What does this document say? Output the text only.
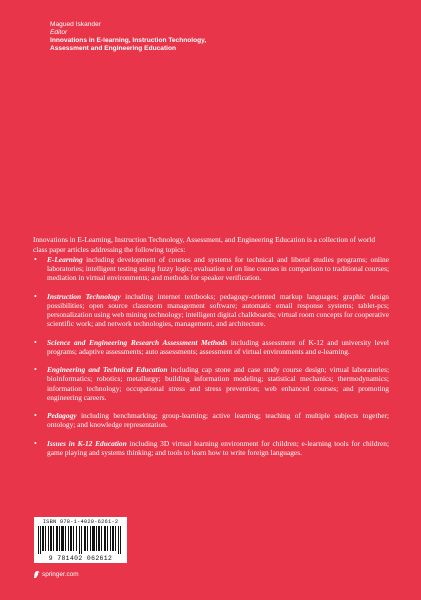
Magued Iskander
Editor
Innovations in E-learning, Instruction Technology,
Assessment and Engineering Education

Innovations in E-Learning, Instruction Technology, Assessment, and Engineering Education is a collection of world class paper articles addressing the following topics:

• E-Learning including development of courses and systems for technical and liberal studies programs; online laboratories; intelligent testing using fuzzy logic; evaluation of on line courses in comparison to traditional courses; mediation in virtual environments; and methods for speaker verification.
• Instruction Technology including internet textbooks; pedagogy-oriented markup languages; graphic design possibilities; open source classroom management software; automatic email response systems; tablet-pcs; personalization using web mining technology; intelligent digital chalkboards; virtual room concepts for cooperative scientific work; and network technologies, management, and architecture.
• Science and Engineering Research Assessment Methods including assessment of K-12 and university level programs; adaptive assessments; auto assessments; assessment of virtual environments and e-learning.
• Engineering and Technical Education including cap stone and case study course design; virtual laboratories; bioinformatics; robotics; metallurgy; building information modeling; statistical mechanics; thermodynamics; information technology; occupational stress and stress prevention; web enhanced courses; and promoting engineering careers.
• Pedagogy including benchmarking; group-learning; active learning; teaching of multiple subjects together; ontology; and knowledge representation.
• Issues in K-12 Education including 3D virtual learning environment for children; e-learning tools for children; game playing and systems thinking; and tools to learn how to write foreign languages.
ISBN 978-1-4020-6261-2
9 781402 062612
springer.com
